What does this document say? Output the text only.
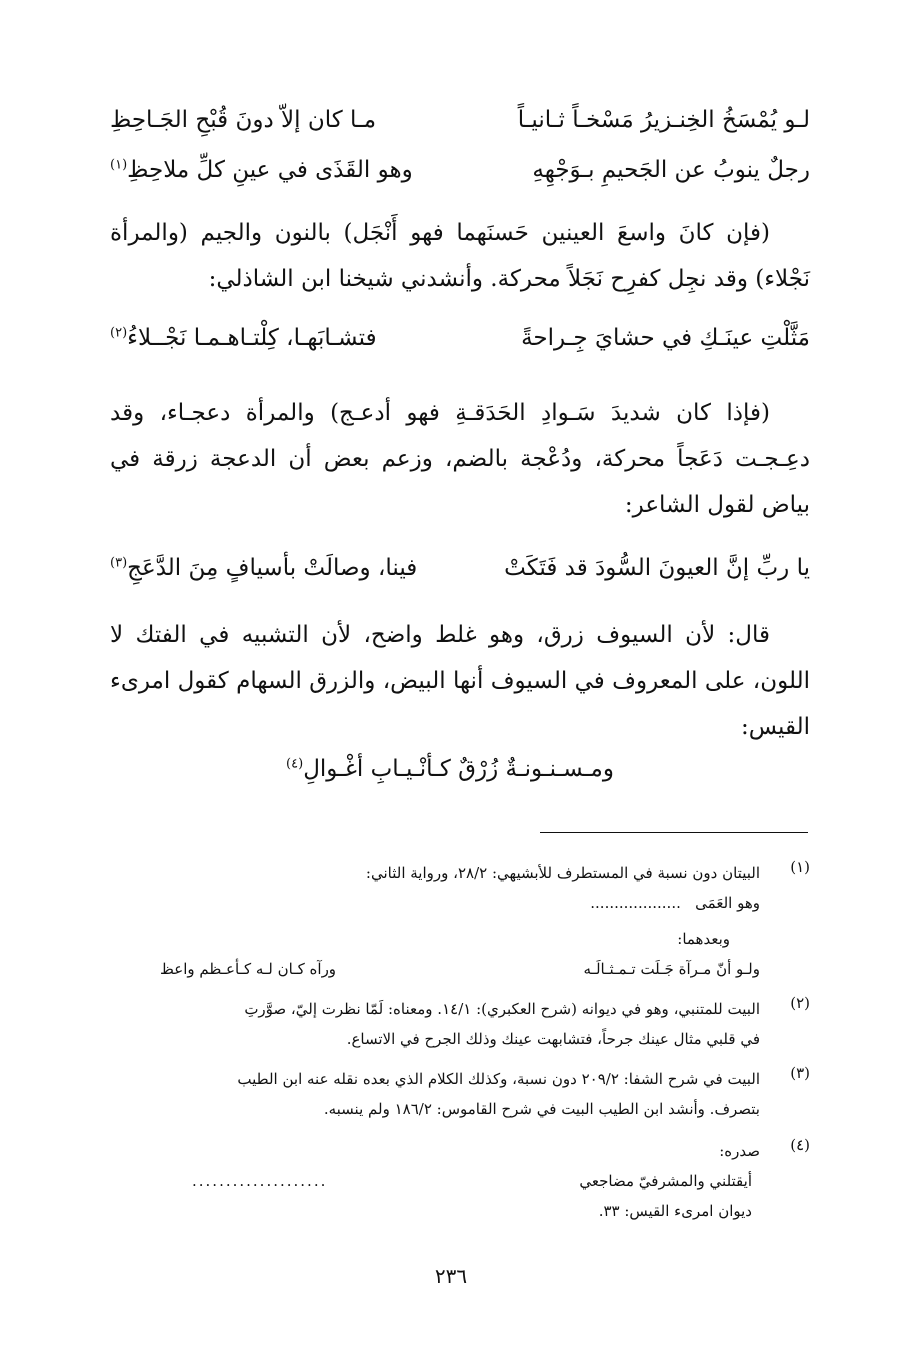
لـو يُمْسَخُ الخِنـزيرُ مَسْخـاً ثـانيـاً
مـا كان إلاّ دونَ قُبْحِ الجَـاحِظِ
رجلٌ ينوبُ عن الجَحيمِ بـوَجْهِهِ
وهو القَذَى في عينِ كلِّ ملاحِظِ$^{(١)}$

(فإن كانَ واسعَ العينين حَسنَهما فهو أَنْجَل) بالنون والجيم (والمرأة نَجْلاء) وقد نجِل كفرِح نَجَلاً محركة. وأنشدني شيخنا ابن الشاذلي:

مَثَّلْتِ عينَـكِ في حشايَ جِـراحةً
فتشـابَهـا، كِلْتـاهـمـا نَجْــلاءُ$^{(٢)}$

(فإذا كان شديدَ سَـوادِ الحَدَقـةِ فهو أدعـج) والمرأة دعجـاء، وقد دعِـجـت دَعَجاً محركة، ودُعْجة بالضم، وزعم بعض أن الدعجة زرقة في بياض لقول الشاعر:

يا ربِّ إنَّ العيونَ السُّودَ قد فَتَكَتْ
فينا، وصالَتْ بأسيافٍ مِنَ الدَّعَجِ$^{(٣)}$

قال: لأن السيوف زرق، وهو غلط واضح، لأن التشبيه في الفتك لا اللون، على المعروف في السيوف أنها البيض، والزرق السهام كقول امرىء القيس:

ومـسـنـونـةٌ زُرْقٌ كـأنْـيـابِ أغْـوالِ$^{(٤)}$
(١)

البيتان دون نسبة في المستطرف للأبشيهي: ٢٨/٢، ورواية الثاني:

وهو العَمَى   ...................

وبعدهما:

ولـو أنّ مـرآة جَـلَت تـمـثـالَـه
ورآه كـان لـه كـأعـظم واعظ
(٢)

البيت للمتنبي، وهو في ديوانه (شرح العكبري): ١٤/١. ومعناه: لَمّا نظرت إليّ، صوَّرتِ

في قلبي مثال عينك جرحاً، فتشابهت عينك وذلك الجرح في الاتساع.

(٣)

البيت في شرح الشفا: ٢٠٩/٢ دون نسبة، وكذلك الكلام الذي بعده نقله عنه ابن الطيب

بتصرف. وأنشد ابن الطيب البيت في شرح القاموس: ١٨٦/٢ ولم ينسبه.

(٤)

صدره:

أيقتلني والمشرفيّ مضاجعي
....................

ديوان امرىء القيس: ٣٣.

٢٣٦
